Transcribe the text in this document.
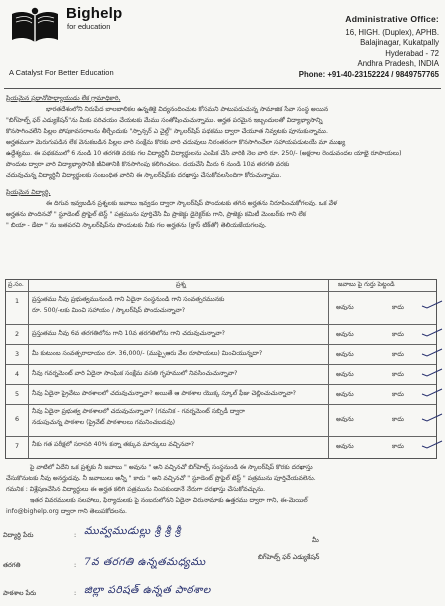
Bighelp
for education
A Catalyst For Better Education
Administrative Office:
16, HIGH. (Duplex), APHB.
Balajinagar, Kukatpally
Hyderabad - 72
Andhra Pradesh, INDIA
Phone: +91-40-23152224 / 9849757765
ప్రియమైన ప్రధానోపాధ్యాయుడు లేక గ్రామాధికారి,
భారతదేశంలోని నిరుపేద బాలబాలికల ఉన్నతికై విద్యనందించుట కోసమని పాటుపడుచున్న సామాజిక సేవా సంస్థ అయిన
"బిగ్‌హెల్ప్ ఫర్ ఎడ్యుకేషన్"ను మీకు పరిచయం చేయటకు మేము సంతోషించుచున్నాము. అర్హత పరమైన ఇబ్బందులతో విద్యాభ్యాసాన్ని
కొనసాగించలేని పిల్లల పోషకావసరాలను తీర్చేందుకు "స్పాన్సర్ ఎ చైల్డ్" స్కాలర్‌షిప్ పథకము ద్వారా చేయూత నివ్వటకు పూనుకున్నాము.
అర్హతముగా మెరుగుపడిన లేక వెనుకబడిన పిల్లల వారి సంక్షేమ కొరకు వారి చదువులు నిరంతరంగా కొనసాగించేలా సహాయపడుటయే మా ముఖ్య
ఉద్దేశ్యము. ఈ పథకములో 6 నుండి 10 తరగతి వరకు గల విద్యార్థినీ విద్యార్థులను ఎంపిక చేసి వారికి నెల వారి రూ. 250/- (అక్షరాల రెండువందల యాభై రూపాయలు)
పొందుట ద్వారా వారి విద్యాభ్యాసానికి జీవితానికి కొనసాగింపు కలిగించటం. దయచేసి మీరు 6 నుండి 10వ తరగతి వరకు
చదువుచున్న విద్యార్థినీ విద్యార్థులకు సంబంధిత వారిని ఈ స్కాలర్‌షిప్‌కు దరఖాస్తు చేసుకోవలసిందిగా కోరుచున్నాము.
ప్రియమైన విద్యార్థి,
ఈ దిగువ ఇవ్వబడిన ప్రశ్నలకు జవాబు ఇవ్వడం ద్వారా స్కాలర్‌షిప్ పొందుటకు తగిన అర్హతను నిరూపించుకోగలవు. ఒక వేళ
అర్హతను పొందినచో " స్టూడెంట్ ప్రొఫైల్ టెస్ట్ " పత్రమును పూర్తిచేసి మీ ప్రాజెక్టు డైరెక్టర్‌కు గాని, ప్రాజెక్టు కమిటీ మెంబర్‌కు గాని లేక
" బియా - డేటా " ను జతపరచి స్కాలర్‌షిప్‌ను పొందుటకు నీకు గల అర్హతను (క్రాస్ టిక్‌తో) తెలియజేయగలవు.
ప్ర.సం.	ప్రశ్న	జవాబు పై గుర్తు పెట్టండి
1	ప్రస్తుతము నీవు ప్రభుత్వమునుండి గాని ఏదైనా సంస్థనుండి గాని సంవత్సరమునకు
రూ. 500/-లకు మించి సహాయం / స్కాలర్‌షిప్ పొందుచున్నావా?	అవును	కాదు
2	ప్రస్తుతము నీవు 6వ తరగతిలోను గాని 10వ తరగతిలోను గాని చదువుచున్నావా?	అవును	కాదు
3	మీ కుటుంబ సంవత్సరాదాయం రూ. 36,000/- (ముప్పైఆరు వేల రూపాయలు) మించియున్నదా?	అవును	కాదు
4	నీవు గవర్నమెంట్ వారి ఏదైనా సాంఘిక సంక్షేమ వసతి గృహములో నివసించుచున్నావా?	అవును	కాదు
5	నీవు ఏదైనా ప్రైవేటు పాఠశాలలో చదువుచున్నావా? అయితే ఆ పాఠశాల యొక్క స్కూల్ ఫీజు చెల్లించుచున్నావా?	అవును	కాదు
6
నీవు ఏదైనా ప్రభుత్వ పాఠశాలలో చదువుచున్నావా? (గమనిక - గవర్నమెంట్ సబ్సిడీ ద్వారా
నడుపుచున్న పాఠశాల (ప్రైవేట్ పాఠశాలలు గమనించబడవు)	అవును	కాదు
7	నీకు గత పరీక్షలో సరాసరి 40% కన్నా తక్కువ మార్కులు వచ్చినవా?	అవును	కాదు
పై వాటిలో ఏదేని ఒక ప్రశ్నకు నీ జవాబు " అవును " అని వచ్చినచో బిగ్‌హెల్ప్ సంస్థనుండి ఈ స్కాలర్‌షిప్ కొరకు దరఖాస్తు
చేసుకొనుటకు నీవు అనర్హుడవు. నీ జవాబులు అన్నీ " కాదు " అని వచ్చినచో " స్టూడెంట్ ప్రొఫైల్ టెస్ట్ " పత్రమును పూర్తిచేయవలెను.
గమనిక : విశ్లేషణచేసిన విద్యార్థులు ఈ అర్హత కలిగి పత్రమును నింపకుండానే నేరుగా దరఖాస్తు చేసుకోవచ్చును.
ఇతర వివరములకు సలహాలు, ఫిర్యాదులకు పై నంబరులోనని ఏదైనా చిరునామాకు ఉత్తరము ద్వారా గాని, ఈ-మెయిల్
info@bighelp.org ద్వారా గాని తెలుపకోదలను.
విద్యార్థి పేరు	: మువ్వముడుల్లు శ్రీ శ్రీ శ్రీ
తరగతి	: 7వ తరగతి ఉన్నతమధ్యము
పాఠశాల పేరు	: జిల్లా పరిషత్ ఉన్నత పాఠశాల
మీ
బిగ్‌హెల్ప్ ఫర్ ఎడ్యుకేషన్
